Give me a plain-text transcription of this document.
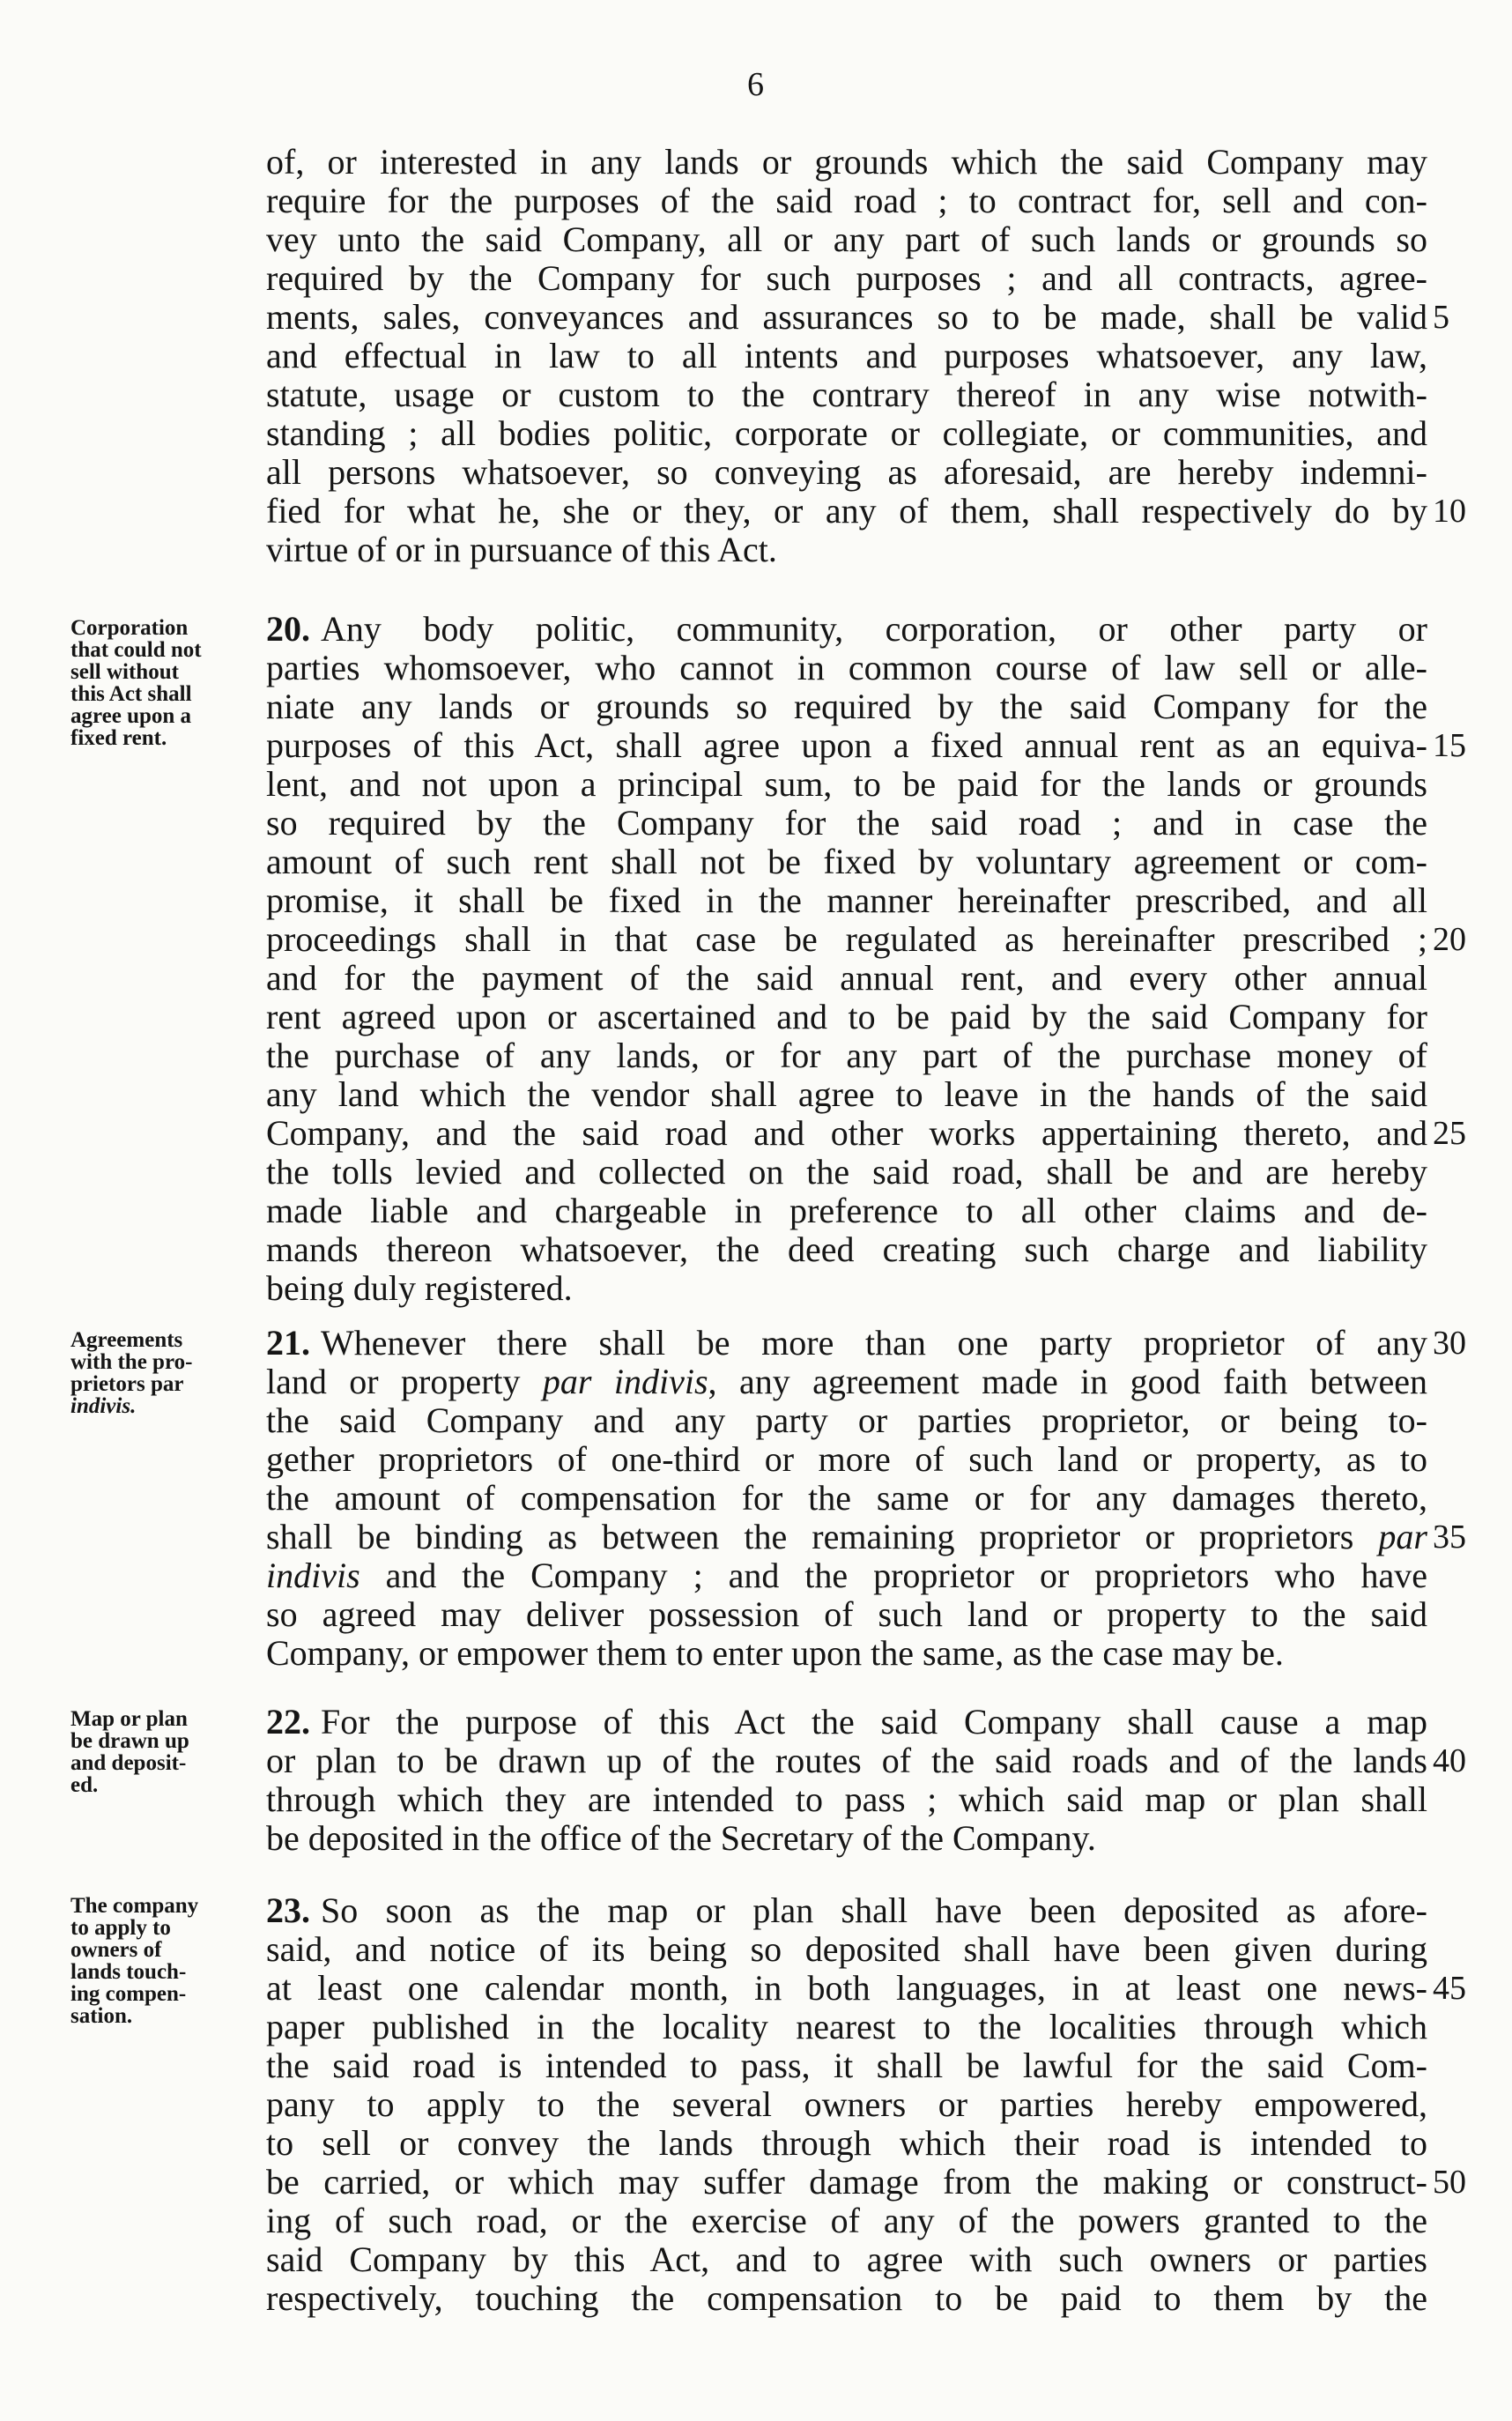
6
of, or interested in any lands or grounds which the said Company may
require for the purposes of the said road ; to contract for, sell and con-
vey unto the said Company, all or any part of such lands or grounds so
required by the Company for such purposes ; and all contracts, agree-
ments, sales, conveyances and assurances so to be made, shall be valid
and effectual in law to all intents and purposes whatsoever, any law,
statute, usage or custom to the contrary thereof in any wise notwith-
standing ; all bodies politic, corporate or collegiate, or communities, and
all persons whatsoever, so conveying as aforesaid, are hereby indemni-
fied for what he, she or they, or any of them, shall respectively do by
virtue of or in pursuance of this Act.
Corporation
that could not
sell without
this Act shall
agree upon a
fixed rent.
20. Any body politic, community, corporation, or other party or
parties whomsoever, who cannot in common course of law sell or alle-
niate any lands or grounds so required by the said Company for the
purposes of this Act, shall agree upon a fixed annual rent as an equiva-
lent, and not upon a principal sum, to be paid for the lands or grounds
so required by the Company for the said road ; and in case the
amount of such rent shall not be fixed by voluntary agreement or com-
promise, it shall be fixed in the manner hereinafter prescribed, and all
proceedings shall in that case be regulated as hereinafter prescribed ;
and for the payment of the said annual rent, and every other annual
rent agreed upon or ascertained and to be paid by the said Company for
the purchase of any lands, or for any part of the purchase money of
any land which the vendor shall agree to leave in the hands of the said
Company, and the said road and other works appertaining thereto, and
the tolls levied and collected on the said road, shall be and are hereby
made liable and chargeable in preference to all other claims and de-
mands thereon whatsoever, the deed creating such charge and liability
being duly registered.
Agreements
with the pro-
prietors par
indivis.
21. Whenever there shall be more than one party proprietor of any
land or property par indivis, any agreement made in good faith between
the said Company and any party or parties proprietor, or being to-
gether proprietors of one-third or more of such land or property, as to
the amount of compensation for the same or for any damages thereto,
shall be binding as between the remaining proprietor or proprietors par
indivis and the Company ; and the proprietor or proprietors who have
so agreed may deliver possession of such land or property to the said
Company, or empower them to enter upon the same, as the case may be.
Map or plan
be drawn up
and deposit-
ed.
22. For the purpose of this Act the said Company shall cause a map
or plan to be drawn up of the routes of the said roads and of the lands
through which they are intended to pass ; which said map or plan shall
be deposited in the office of the Secretary of the Company.
The company
to apply to
owners of
lands touch-
ing compen-
sation.
23. So soon as the map or plan shall have been deposited as afore-
said, and notice of its being so deposited shall have been given during
at least one calendar month, in both languages, in at least one news-
paper published in the locality nearest to the localities through which
the said road is intended to pass, it shall be lawful for the said Com-
pany to apply to the several owners or parties hereby empowered,
to sell or convey the lands through which their road is intended to
be carried, or which may suffer damage from the making or construct-
ing of such road, or the exercise of any of the powers granted to the
said Company by this Act, and to agree with such owners or parties
respectively, touching the compensation to be paid to them by the
5
10
15
20
25
30
35
40
45
50
